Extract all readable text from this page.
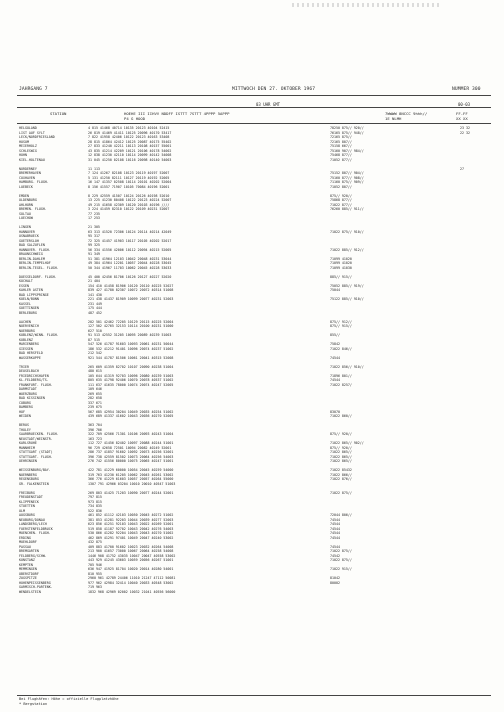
JAHRGANG 7	MITTWOCH DEN 27. OKTOBER 1967	NUMMER 300
03 UHR GMT	00-03
STATION	HOEHE III IIHVV NDDFF ISTTT 7STTT 4PPPP 5APPP
P4 G HOOD
7WWWW 8NCCC 9hhh//
1E NLMH
FF-FF
XX XX
HELGOLAND	4 815 41468 40714 10135 20123 40104 52415	78250 875// 920//	23 32
LIST AUF SYLT	26 819 41469 41411 10125 20096 40170 53417	76165 875// 948//	22 32
LECK/NORDFRIESLAND	7 822 41958 42406 10122 20123 40163 53408	72165 875//
HUSUM	28 815 41864 42412 10125 20087 40175 55402	72165 807//
MEIERHOLZ	27 833 41240 42211 10113 20108 40157 55001	75158 667//
SCHLESWIG	43 835 41214 42209 10121 20106 40178 54002	75160 907// 984//
HOHN	12 838 41230 42110 10114 20099 40142 54008	75468 877//
KIEL-HOLTENAU	31 045 41250 02108 10116 20098 40140 54003	71052 877//
NORDERNEY	11 113	27
BREMERHAVEN	7 124 41267 82108 10123 20119 40197 52007	75152 807// 904//
CUXHAVEN	5 131 41250 82111 10127 20119 40192 52005	75160 877// 908//
HAMBURG. FLUGH.	16 147 41357 02508 10114 20101 40202 52004	71160 875// 909//
LUEBECK	8 156 41557 71907 10105 70084 40196 52001	71052 807//
EMDEN	8 229 42559 41507 10124 20126 40198 52010	875// 920//
OLDENBURG	13 225 41230 80408 10122 20123 40224 52007	75868 877//
AHLHORN	49 215 41658 42309 10120 20103 40196 ////	71022 877//
BREMEN. FLUGH.	3 224 41459 82310 10122 20109 40231 52007	76260 885// 911//
SOLTAU	77 235
LUECHOW	17 253
LINGEN	21 305
HANNOVER	63 313 41520 72306 10124 20114 40214 42049	71022 875// 910//
OSNABRUECK	95 317
GUETERSLOH	72 325 41457 41903 10117 20105 40202 52017
BAD SALZUFLEN	99 325
HANNOVER. FLUGH.	56 334 41556 42006 10112 20094 40215 52005	71022 885// 912//
BRAUNSCHWEIG	91 349
BERLIN-DAHLEM	51 381 41964 12103 10042 20048 40231 53044	71099 41020
BERLIN-TEMPELHOF	49 384 41964 12201 10057 20044 40228 53045	71099 41020
BERLIN-TEGEL. FLUGH.	50 344 41967 11703 10062 20045 40228 53033	71099 41030
DUESSELDORF. FLUGH.	45 400 42456 81706 10126 20127 40227 52020	885// 915//
KOCHALT	21 404
ESSEN	154 410 41458 81906 10120 20110 40225 52027	75052 885// 919//
KAHLER ASTEN	839 427 41780 82307 10072 20072 40314 51008	75044
BAD LIPPSPRINGE	141 430
KOELN/BONN	221 438 41437 81909 10099 20077 40231 52003	75122 885// 910//
KASSEL	231 449
GOETTINGEN	175 444
BERLEBURG	487 452
AACHEN	202 501 42462 72205 10129 20115 40225 52004	875// 912//
NOERVENICH	127 502 42765 32153 10114 20100 40231 51000	875// 915//
NUERBURG	627 510
KOBLENZ/WINN. FLUGH.	91 513 42552 31205 10095 20089 40239 51003	855//
KOBLENZ	87 515
MARIENBERG	547 526 41787 91603 10093 20061 40231 50044	75842
GIESSEN	186 532 41212 91401 10096 20074 40237 51002	71022 846//
BAD HERSFELD	212 542
WASSERKUPPE	921 544 41787 81506 10061 20041 40315 52008	74544
TRIER	265 609 41359 82702 10107 20090 40238 51004	71022 856// 910//
DEUSELBACH	480 615
FRIEDRICHSHAFEN	105 644 41319 92703 10096 20080 40239 51003	71896 801//
KL.FELDBERG/TS.	805 635 41798 92406 10070 20078 40537 51002	74544
FRANKFURT. FLUGH.	111 637 41635 78000 10074 20074 40247 52005	71022 8257/
DARMSTADT	109 646
WUERZBURG	269 655
BAD KISSINGEN	282 658
COBURG	337 671
BAMBERG	239 675
HOF	567 685 42954 30204 10049 20035 40254 51002	83070
WEIDEN	439 689 41337 41602 10043 20036 40270 52005	71022 860//
BERUS	363 704
THOLEY	396 706
SAARBRUECKEN. FLUGH.	322 709 42566 71301 10106 20093 40243 51004	875// 920//
NEUSTADT/WEINSTR.	163 723
KARLSRUHE	112 727 41456 82402 10097 20088 40244 51001	71022 865// 902//
MANNHEIM	96 729 42658 72501 10094 20082 40249 52001	875// 920//
STUTTGART (STADT)	286 737 41857 91602 10092 20073 40256 52001	71022 865//
STUTTGART. FLUGH.	396 738 42559 81502 10073 20064 40256 54003	71022 865//
OEHRINGEN	276 742 41556 80000 10075 20065 40247 51001	71022 865//
WEISSENBURG/BAY.	422 781 41229 60000 10054 20045 40259 54000	71022 85432
NUERNBERG	319 763 41230 61205 10062 20045 40261 53002	71022 866//
REGENSBURG	366 776 41229 61603 10057 20057 40264 55000	71022 876//
GR. FALKENSTEIN	1307 791 42966 03204 10010 20010 40547 51003
FREIBURG	269 803 41425 71203 10090 20077 40244 52001	71022 875//
FREUDENSTADT	797 815
KLIPPENECK	973 815
STOETTEN	734 835
ULM	522 836
AUGSBURG	461 852 41112 42103 10050 20045 40272 51002	72044 806//
NEUBURG/DONAU	381 853 41281 92203 10044 20039 40277 52003	74544
LANDSBERG/LECH	623 856 41251 92103 10043 20022 40269 52001	74544
FUERSTENFELDBRUCK	519 858 41187 92702 10043 20042 40276 54003	74544
MUENCHEN. FLUGH.	530 866 41282 92204 10043 20043 40270 51002	74544
ERDING	462 869 41291 97401 10049 20047 40240 53002	74544
MUEHLDORF	432 875
PASSAU	409 883 41700 91602 10023 20032 40264 54008	74544
BREMGARTEN	213 900 41657 73000 10067 20064 40258 54008	71022 875//
FELDBERG/SCHW.	1446 908 41752 43035 10047 20047 40558 53002	74542
KONSTANZ	443 929 41245 43603 10059 20056 40267 51001	71022 875//
KEMPTEN	705 946
MEMMINGEN	636 947 41925 81704 10020 20014 40280 54001	71022 915//
OBERSTDORF	810 955
ZUGSPITZE	2960 961 42789 24406 11010 21247 47112 50081	81042
HOHENPEISSENBERG	977 962 42984 32414 10040 20033 40548 53002	80002
GARMISCH-PARTENK.	719 963
WENDELSTEIN	1832 968 42969 02002 10032 21041 40556 56000
Bei Flughäfen: Höhe = offizielle Flugplatzhöhe
* Bergstation
